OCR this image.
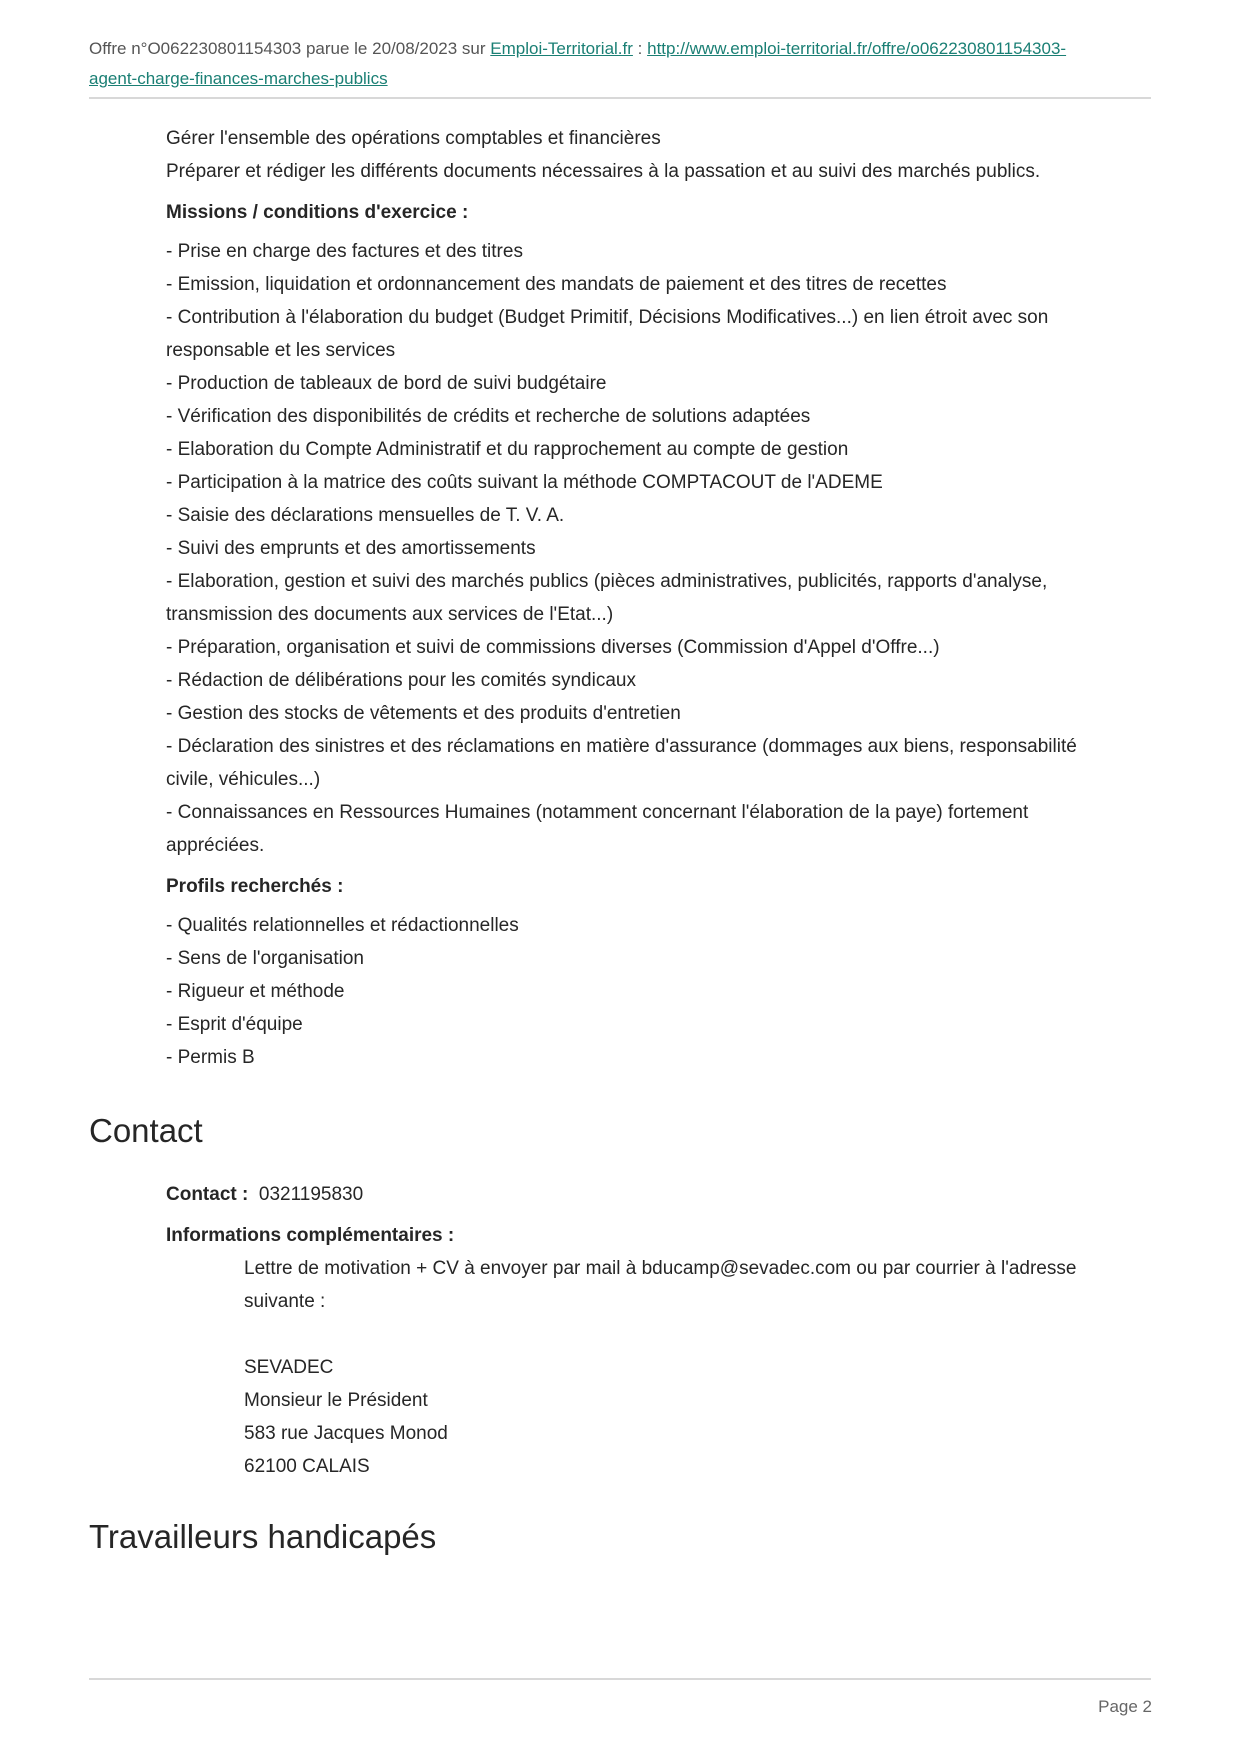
Offre n°O062230801154303 parue le 20/08/2023 sur Emploi-Territorial.fr : http://www.emploi-territorial.fr/offre/o062230801154303-
agent-charge-finances-marches-publics

Gérer l'ensemble des opérations comptables et financières

Préparer et rédiger les différents documents nécessaires à la passation et au suivi des marchés publics.

Missions / conditions d'exercice :

- Prise en charge des factures et des titres

- Emission, liquidation et ordonnancement des mandats de paiement et des titres de recettes

- Contribution à l'élaboration du budget (Budget Primitif, Décisions Modificatives...) en lien étroit avec son responsable et les services

- Production de tableaux de bord de suivi budgétaire

- Vérification des disponibilités de crédits et recherche de solutions adaptées

- Elaboration du Compte Administratif et du rapprochement au compte de gestion

- Participation à la matrice des coûts suivant la méthode COMPTACOUT de l'ADEME

- Saisie des déclarations mensuelles de T. V. A.

- Suivi des emprunts et des amortissements

- Elaboration, gestion et suivi des marchés publics (pièces administratives, publicités, rapports d'analyse, transmission des documents aux services de l'Etat...)

- Préparation, organisation et suivi de commissions diverses (Commission d'Appel d'Offre...)

- Rédaction de délibérations pour les comités syndicaux

- Gestion des stocks de vêtements et des produits d'entretien

- Déclaration des sinistres et des réclamations en matière d'assurance (dommages aux biens, responsabilité civile, véhicules...)

- Connaissances en Ressources Humaines (notamment concernant l'élaboration de la paye) fortement appréciées.

Profils recherchés :

- Qualités relationnelles et rédactionnelles

- Sens de l'organisation

- Rigueur et méthode

- Esprit d'équipe

- Permis B

Contact

Contact : 0321195830

Informations complémentaires :

Lettre de motivation + CV à envoyer par mail à bducamp@sevadec.com ou par courrier à l'adresse suivante :

SEVADEC

Monsieur le Président

583 rue Jacques Monod

62100 CALAIS

Travailleurs handicapés
Page 2
